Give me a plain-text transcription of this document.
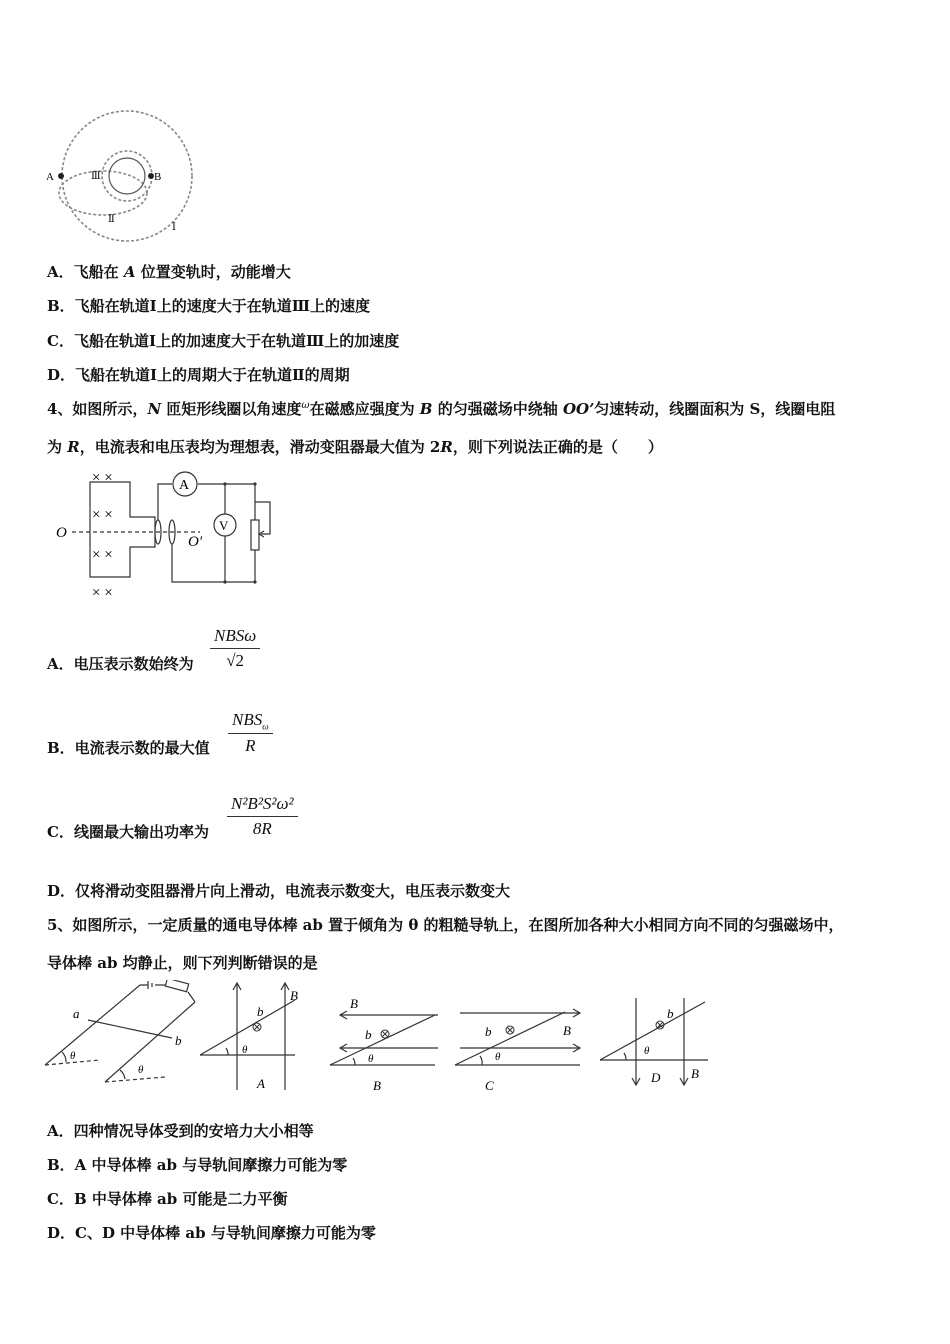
A	B
Ⅲ
Ⅱ
Ⅰ
A．飞船在 A 位置变轨时，动能增大
B．飞船在轨道Ⅰ上的速度大于在轨道Ⅲ上的速度
C．飞船在轨道Ⅰ上的加速度大于在轨道Ⅲ上的加速度
D．飞船在轨道Ⅰ上的周期大于在轨道Ⅱ的周期
4、如图所示，N 匝矩形线圈以角速度$^\omega$在磁感应强度为 B 的匀强磁场中绕轴 OO’匀速转动，线圈面积为 S，线圈电阻
为 R，电流表和电压表均为理想表，滑动变阻器最大值为 2R，则下列说法正确的是（　　）
A
V
O
O′
× ×
× ×
× ×
× ×
A．电压表示数始终为
NBSω
√2
B．电流表示数的最大值
$NBS_\omega$
R
C．线圈最大输出功率为
N²B²S²ω²
8R
D．仅将滑动变阻器滑片向上滑动，电流表示数变大，电压表示数变大
5、如图所示，一定质量的通电导体棒 ab 置于倾角为 θ 的粗糙导轨上，在图所加各种大小相同方向不同的匀强磁场中，
导体棒 ab 均静止，则下列判断错误的是
a
b
θ
θ
b
B
θ
A
B
b
θ
B
b	B
θ
C
b
θ
D B
A．四种情况导体受到的安培力大小相等
B．A 中导体棒 ab 与导轨间摩擦力可能为零
C．B 中导体棒 ab 可能是二力平衡
D．C、D 中导体棒 ab 与导轨间摩擦力可能为零
